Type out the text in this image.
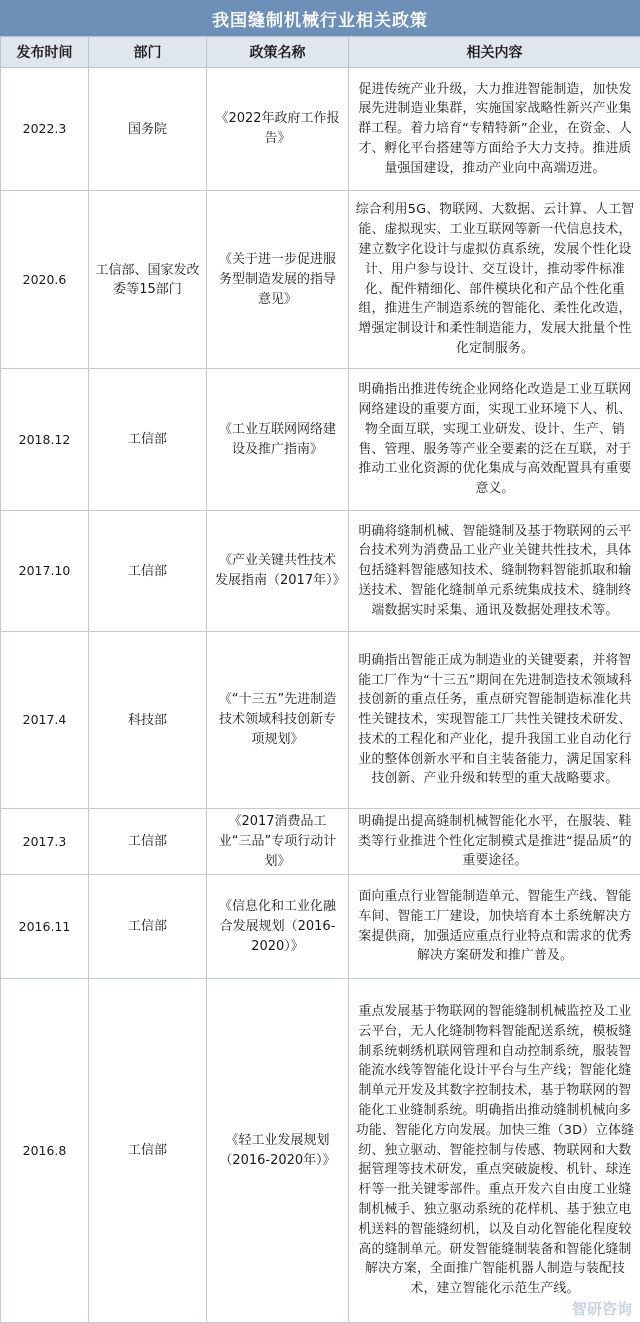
我国缝制机械行业相关政策
发布时间	部门	政策名称	相关内容
2022.3	国务院	《2022年政府工作报告》	促进传统产业升级，大力推进智能制造，加快发展先进制造业集群，实施国家战略性新兴产业集群工程。着力培育“专精特新”企业，在资金、人才、孵化平台搭建等方面给予大力支持。推进质量强国建设，推动产业向中高端迈进。
2020.6	工信部、国家发改委等15部门	《关于进一步促进服务型制造发展的指导意见》	综合利用5G、物联网、大数据、云计算、人工智能、虚拟现实、工业互联网等新一代信息技术，建立数字化设计与虚拟仿真系统，发展个性化设计、用户参与设计、交互设计，推动零件标准化、配件精细化、部件模块化和产品个性化重组，推进生产制造系统的智能化、柔性化改造，增强定制设计和柔性制造能力，发展大批量个性化定制服务。
2018.12	工信部	《工业互联网网络建设及推广指南》	明确指出推进传统企业网络化改造是工业互联网网络建设的重要方面，实现工业环境下人、机、物全面互联，实现工业研发、设计、生产、销售、管理、服务等产业全要素的泛在互联，对于推动工业化资源的优化集成与高效配置具有重要意义。
2017.10	工信部	《产业关键共性技术发展指南（2017年）》	明确将缝制机械、智能缝制及基于物联网的云平台技术列为消费品工业产业关键共性技术，具体包括缝料智能感知技术、缝制物料智能抓取和输送技术、智能化缝制单元系统集成技术、缝制终端数据实时采集、通讯及数据处理技术等。
2017.4	科技部	《“十三五”先进制造技术领域科技创新专项规划》	明确指出智能正成为制造业的关键要素，并将智能工厂作为“十三五”期间在先进制造技术领域科技创新的重点任务，重点研究智能制造标准化共性关键技术，实现智能工厂共性关键技术研发、技术的工程化和产业化，提升我国工业自动化行业的整体创新水平和自主装备能力，满足国家科技创新、产业升级和转型的重大战略要求。
2017.3	工信部	《2017消费品工业“三品”专项行动计划》	明确提出提高缝制机械智能化水平，在服装、鞋类等行业推进个性化定制模式是推进“提品质”的重要途径。
2016.11	工信部	《信息化和工业化融合发展规划（2016-2020）》	面向重点行业智能制造单元、智能生产线、智能车间、智能工厂建设，加快培育本土系统解决方案提供商，加强适应重点行业特点和需求的优秀解决方案研发和推广普及。
2016.8	工信部	《轻工业发展规划（2016-2020年）》	重点发展基于物联网的智能缝制机械监控及工业云平台，无人化缝制物料智能配送系统，模板缝制系统刺绣机联网管理和自动控制系统，服装智能流水线等智能化设计平台与生产线；智能化缝制单元开发及其数字控制技术，基于物联网的智能化工业缝制系统。明确指出推动缝制机械向多功能、智能化方向发展。加快三维（3D）立体缝纫、独立驱动、智能控制与传感、物联网和大数据管理等技术研发，重点突破旋梭、机针、球连杆等一批关键零部件。重点开发六自由度工业缝制机械手、独立驱动系统的花样机、基于独立电机送料的智能缝纫机，以及自动化智能化程度较高的缝制单元。研发智能缝制装备和智能化缝制解决方案，全面推广智能机器人制造与装配技术，建立智能化示范生产线。
智研咨询
